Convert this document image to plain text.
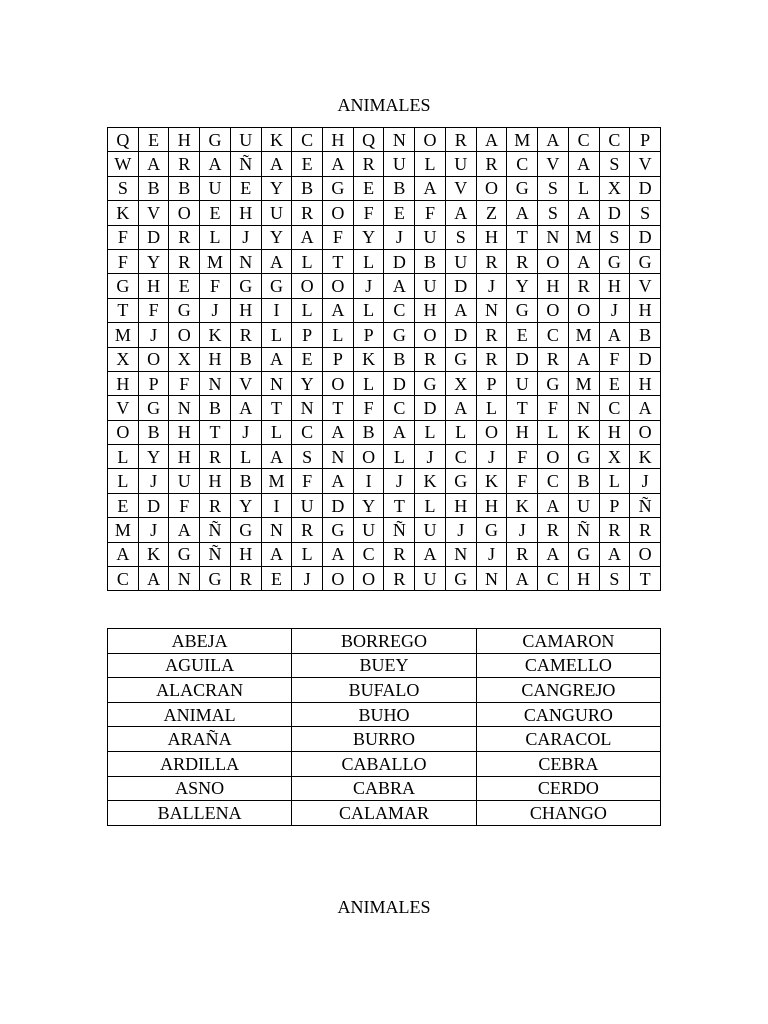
ANIMALES
Q	E	H	G	U	K	C	H	Q	N	O	R	A	M	A	C	C	P
W	A	R	A	Ñ	A	E	A	R	U	L	U	R	C	V	A	S	V
S	B	B	U	E	Y	B	G	E	B	A	V	O	G	S	L	X	D
K	V	O	E	H	U	R	O	F	E	F	A	Z	A	S	A	D	S
F	D	R	L	J	Y	A	F	Y	J	U	S	H	T	N	M	S	D
F	Y	R	M	N	A	L	T	L	D	B	U	R	R	O	A	G	G
G	H	E	F	G	G	O	O	J	A	U	D	J	Y	H	R	H	V
T	F	G	J	H	I	L	A	L	C	H	A	N	G	O	O	J	H
M	J	O	K	R	L	P	L	P	G	O	D	R	E	C	M	A	B
X	O	X	H	B	A	E	P	K	B	R	G	R	D	R	A	F	D
H	P	F	N	V	N	Y	O	L	D	G	X	P	U	G	M	E	H
V	G	N	B	A	T	N	T	F	C	D	A	L	T	F	N	C	A
O	B	H	T	J	L	C	A	B	A	L	L	O	H	L	K	H	O
L	Y	H	R	L	A	S	N	O	L	J	C	J	F	O	G	X	K
L	J	U	H	B	M	F	A	I	J	K	G	K	F	C	B	L	J
E	D	F	R	Y	I	U	D	Y	T	L	H	H	K	A	U	P	Ñ
M	J	A	Ñ	G	N	R	G	U	Ñ	U	J	G	J	R	Ñ	R	R
A	K	G	Ñ	H	A	L	A	C	R	A	N	J	R	A	G	A	O
C	A	N	G	R	E	J	O	O	R	U	G	N	A	C	H	S	T
ABEJA	BORREGO	CAMARON
AGUILA	BUEY	CAMELLO
ALACRAN	BUFALO	CANGREJO
ANIMAL	BUHO	CANGURO
ARAÑA	BURRO	CARACOL
ARDILLA	CABALLO	CEBRA
ASNO	CABRA	CERDO
BALLENA	CALAMAR	CHANGO
ANIMALES
